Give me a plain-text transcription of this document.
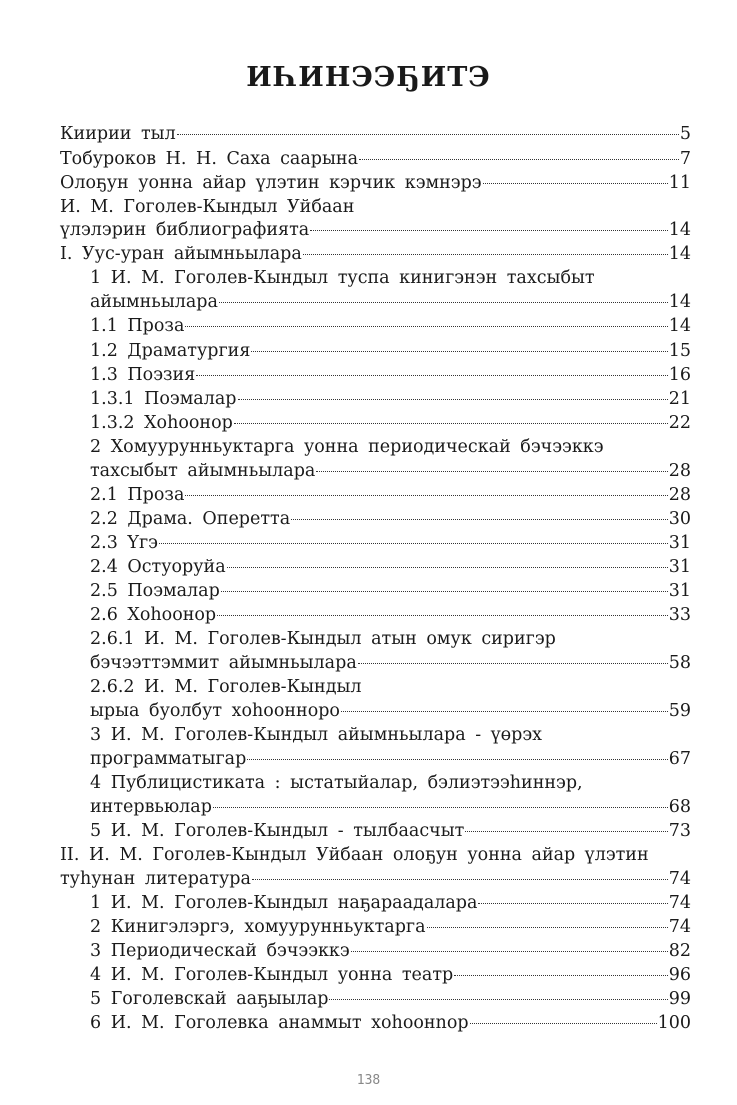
ИҺИНЭЭҔИТЭ
Киирии тыл	5
Тобуроков Н. Н. Саха саарына	7
Олоҕун уонна айар үлэтин кэрчик кэмнэрэ	11
И. М. Гоголев-Кындыл Уйбаан
үлэлэрин библиографията	14
I. Уус-уран айымньылара	14
1 И. М. Гоголев-Кындыл туспа кинигэнэн тахсыбыт
айымньылара	14
1.1 Проза	14
1.2 Драматургия	15
1.3 Поэзия	16
1.3.1 Поэмалар	21
1.3.2 Хоһоонор	22
2 Хомуурунньуктарга уонна периодическай бэчээккэ
тахсыбыт айымньылара	28
2.1 Проза	28
2.2 Драма. Оперетта	30
2.3 Үгэ	31
2.4 Остуоруйа	31
2.5 Поэмалар	31
2.6 Хоһоонор	33
2.6.1 И. М. Гоголев-Кындыл атын омук сиригэр
бэчээттэммит айымньылара	58
2.6.2 И. М. Гоголев-Кындыл
ырыа буолбут хоһоонноро	59
3 И. М. Гоголев-Кындыл айымньылара - үөрэх
программатыгар	67
4 Публицистиката : ыстатыйалар, бэлиэтээһиннэр,
интервьюлар	68
5 И. М. Гоголев-Кындыл - тылбаасчыт	73
II. И. М. Гоголев-Кындыл Уйбаан олоҕун уонна айар үлэтин
туһунан литература	74
1 И. М. Гоголев-Кындыл наҕараадалара	74
2 Кинигэлэргэ, хомуурунньуктарга	74
3 Периодическай бэчээккэ	82
4 И. М. Гоголев-Кындыл уонна театр	96
5 Гоголевскай ааҕыылар	99
6 И. М. Гоголевка анаммыт хоһоонnор	100
138
